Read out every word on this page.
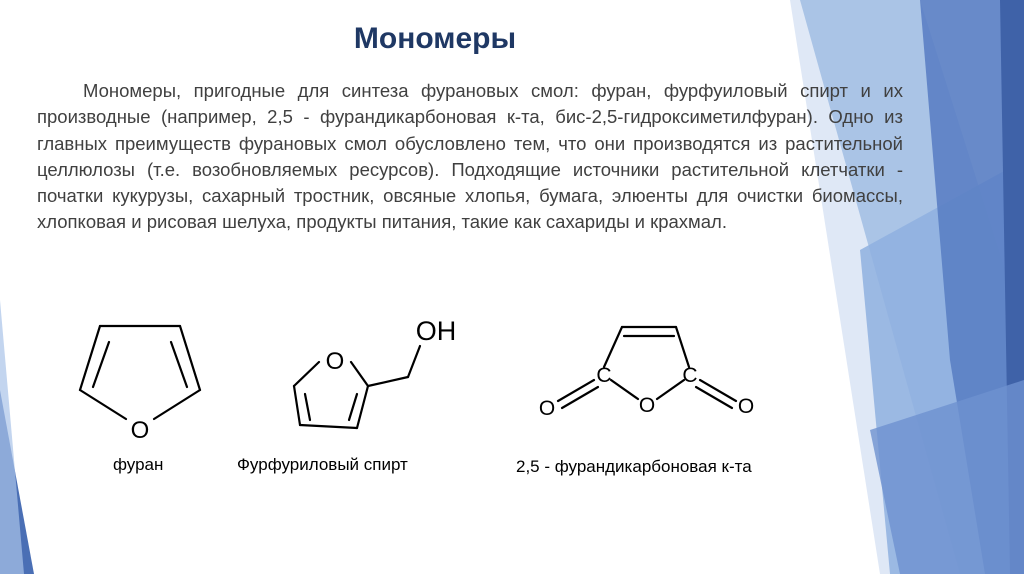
Мономеры
Мономеры, пригодные для синтеза фурановых смол: фуран, фурфуиловый спирт и их производные (например, 2,5 - фурандикарбоновая к-та, бис-2,5-гидроксиметилфуран). Одно из главных преимуществ фурановых смол обусловлено тем, что они производятся из растительной целлюлозы (т.е. возобновляемых ресурсов). Подходящие источники растительной клетчатки - початки кукурузы, сахарный тростник, овсяные хлопья, бумага, элюенты для очистки биомассы, хлопковая и рисовая шелуха, продукты питания, такие как сахариды и крахмал.
O
O
OH
C	C
O
O	O
фуран	Фурфуриловый спирт	2,5 - фурандикарбоновая к-та
